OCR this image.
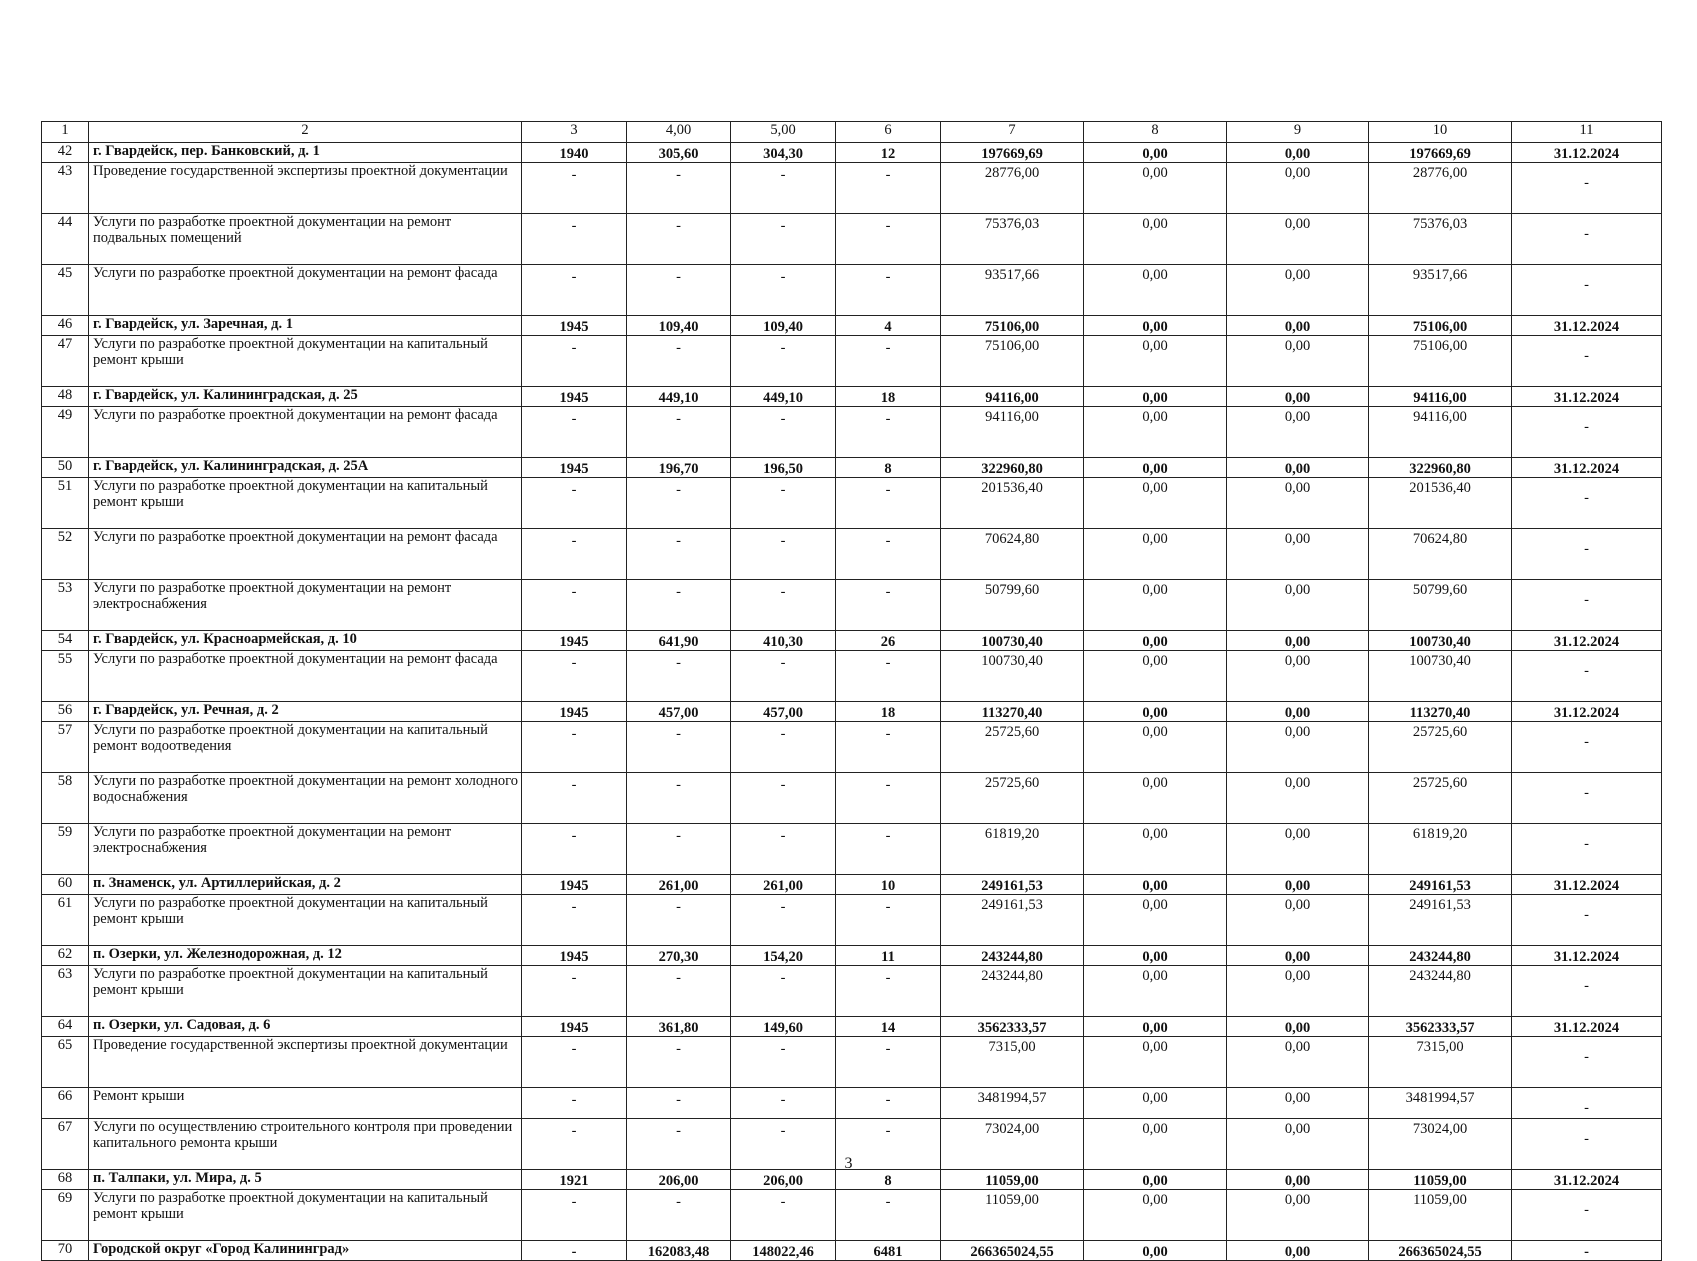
1	2	3	4,00	5,00	6	7	8	9	10	11
42	г. Гвардейск, пер. Банковский, д. 1	1940	305,60	304,30	12	197669,69	0,00	0,00	197669,69	31.12.2024
43	Проведение государственной экспертизы проектной документации	-	-	-	-	28776,00	0,00	0,00	28776,00	-
44	Услуги по разработке проектной документации на ремонт подвальных помещений	-	-	-	-	75376,03	0,00	0,00	75376,03	-
45	Услуги по разработке проектной документации на ремонт фасада	-	-	-	-	93517,66	0,00	0,00	93517,66	-
46	г. Гвардейск, ул. Заречная, д. 1	1945	109,40	109,40	4	75106,00	0,00	0,00	75106,00	31.12.2024
47	Услуги по разработке проектной документации на капитальный ремонт крыши	-	-	-	-	75106,00	0,00	0,00	75106,00	-
48	г. Гвардейск, ул. Калининградская, д. 25	1945	449,10	449,10	18	94116,00	0,00	0,00	94116,00	31.12.2024
49	Услуги по разработке проектной документации на ремонт фасада	-	-	-	-	94116,00	0,00	0,00	94116,00	-
50	г. Гвардейск, ул. Калининградская, д. 25А	1945	196,70	196,50	8	322960,80	0,00	0,00	322960,80	31.12.2024
51	Услуги по разработке проектной документации на капитальный ремонт крыши	-	-	-	-	201536,40	0,00	0,00	201536,40	-
52	Услуги по разработке проектной документации на ремонт фасада	-	-	-	-	70624,80	0,00	0,00	70624,80	-
53	Услуги по разработке проектной документации на ремонт электроснабжения	-	-	-	-	50799,60	0,00	0,00	50799,60	-
54	г. Гвардейск, ул. Красноармейская, д. 10	1945	641,90	410,30	26	100730,40	0,00	0,00	100730,40	31.12.2024
55	Услуги по разработке проектной документации на ремонт фасада	-	-	-	-	100730,40	0,00	0,00	100730,40	-
56	г. Гвардейск, ул. Речная, д. 2	1945	457,00	457,00	18	113270,40	0,00	0,00	113270,40	31.12.2024
57	Услуги по разработке проектной документации на капитальный ремонт водоотведения	-	-	-	-	25725,60	0,00	0,00	25725,60	-
58	Услуги по разработке проектной документации на ремонт холодного водоснабжения	-	-	-	-	25725,60	0,00	0,00	25725,60	-
59	Услуги по разработке проектной документации на ремонт электроснабжения	-	-	-	-	61819,20	0,00	0,00	61819,20	-
60	п. Знаменск, ул. Артиллерийская, д. 2	1945	261,00	261,00	10	249161,53	0,00	0,00	249161,53	31.12.2024
61	Услуги по разработке проектной документации на капитальный ремонт крыши	-	-	-	-	249161,53	0,00	0,00	249161,53	-
62	п. Озерки, ул. Железнодорожная, д. 12	1945	270,30	154,20	11	243244,80	0,00	0,00	243244,80	31.12.2024
63	Услуги по разработке проектной документации на капитальный ремонт крыши	-	-	-	-	243244,80	0,00	0,00	243244,80	-
64	п. Озерки, ул. Садовая, д. 6	1945	361,80	149,60	14	3562333,57	0,00	0,00	3562333,57	31.12.2024
65	Проведение государственной экспертизы проектной документации	-	-	-	-	7315,00	0,00	0,00	7315,00	-
66	Ремонт крыши	-	-	-	-	3481994,57	0,00	0,00	3481994,57	-
67	Услуги по осуществлению строительного контроля при проведении капитального ремонта крыши	-	-	-	-	73024,00	0,00	0,00	73024,00	-
68	п. Талпаки, ул. Мира, д. 5	1921	206,00	206,00	8	11059,00	0,00	0,00	11059,00	31.12.2024
69	Услуги по разработке проектной документации на капитальный ремонт крыши	-	-	-	-	11059,00	0,00	0,00	11059,00	-
70	Городской округ «Город Калининград»	-	162083,48	148022,46	6481	266365024,55	0,00	0,00	266365024,55	-
3
